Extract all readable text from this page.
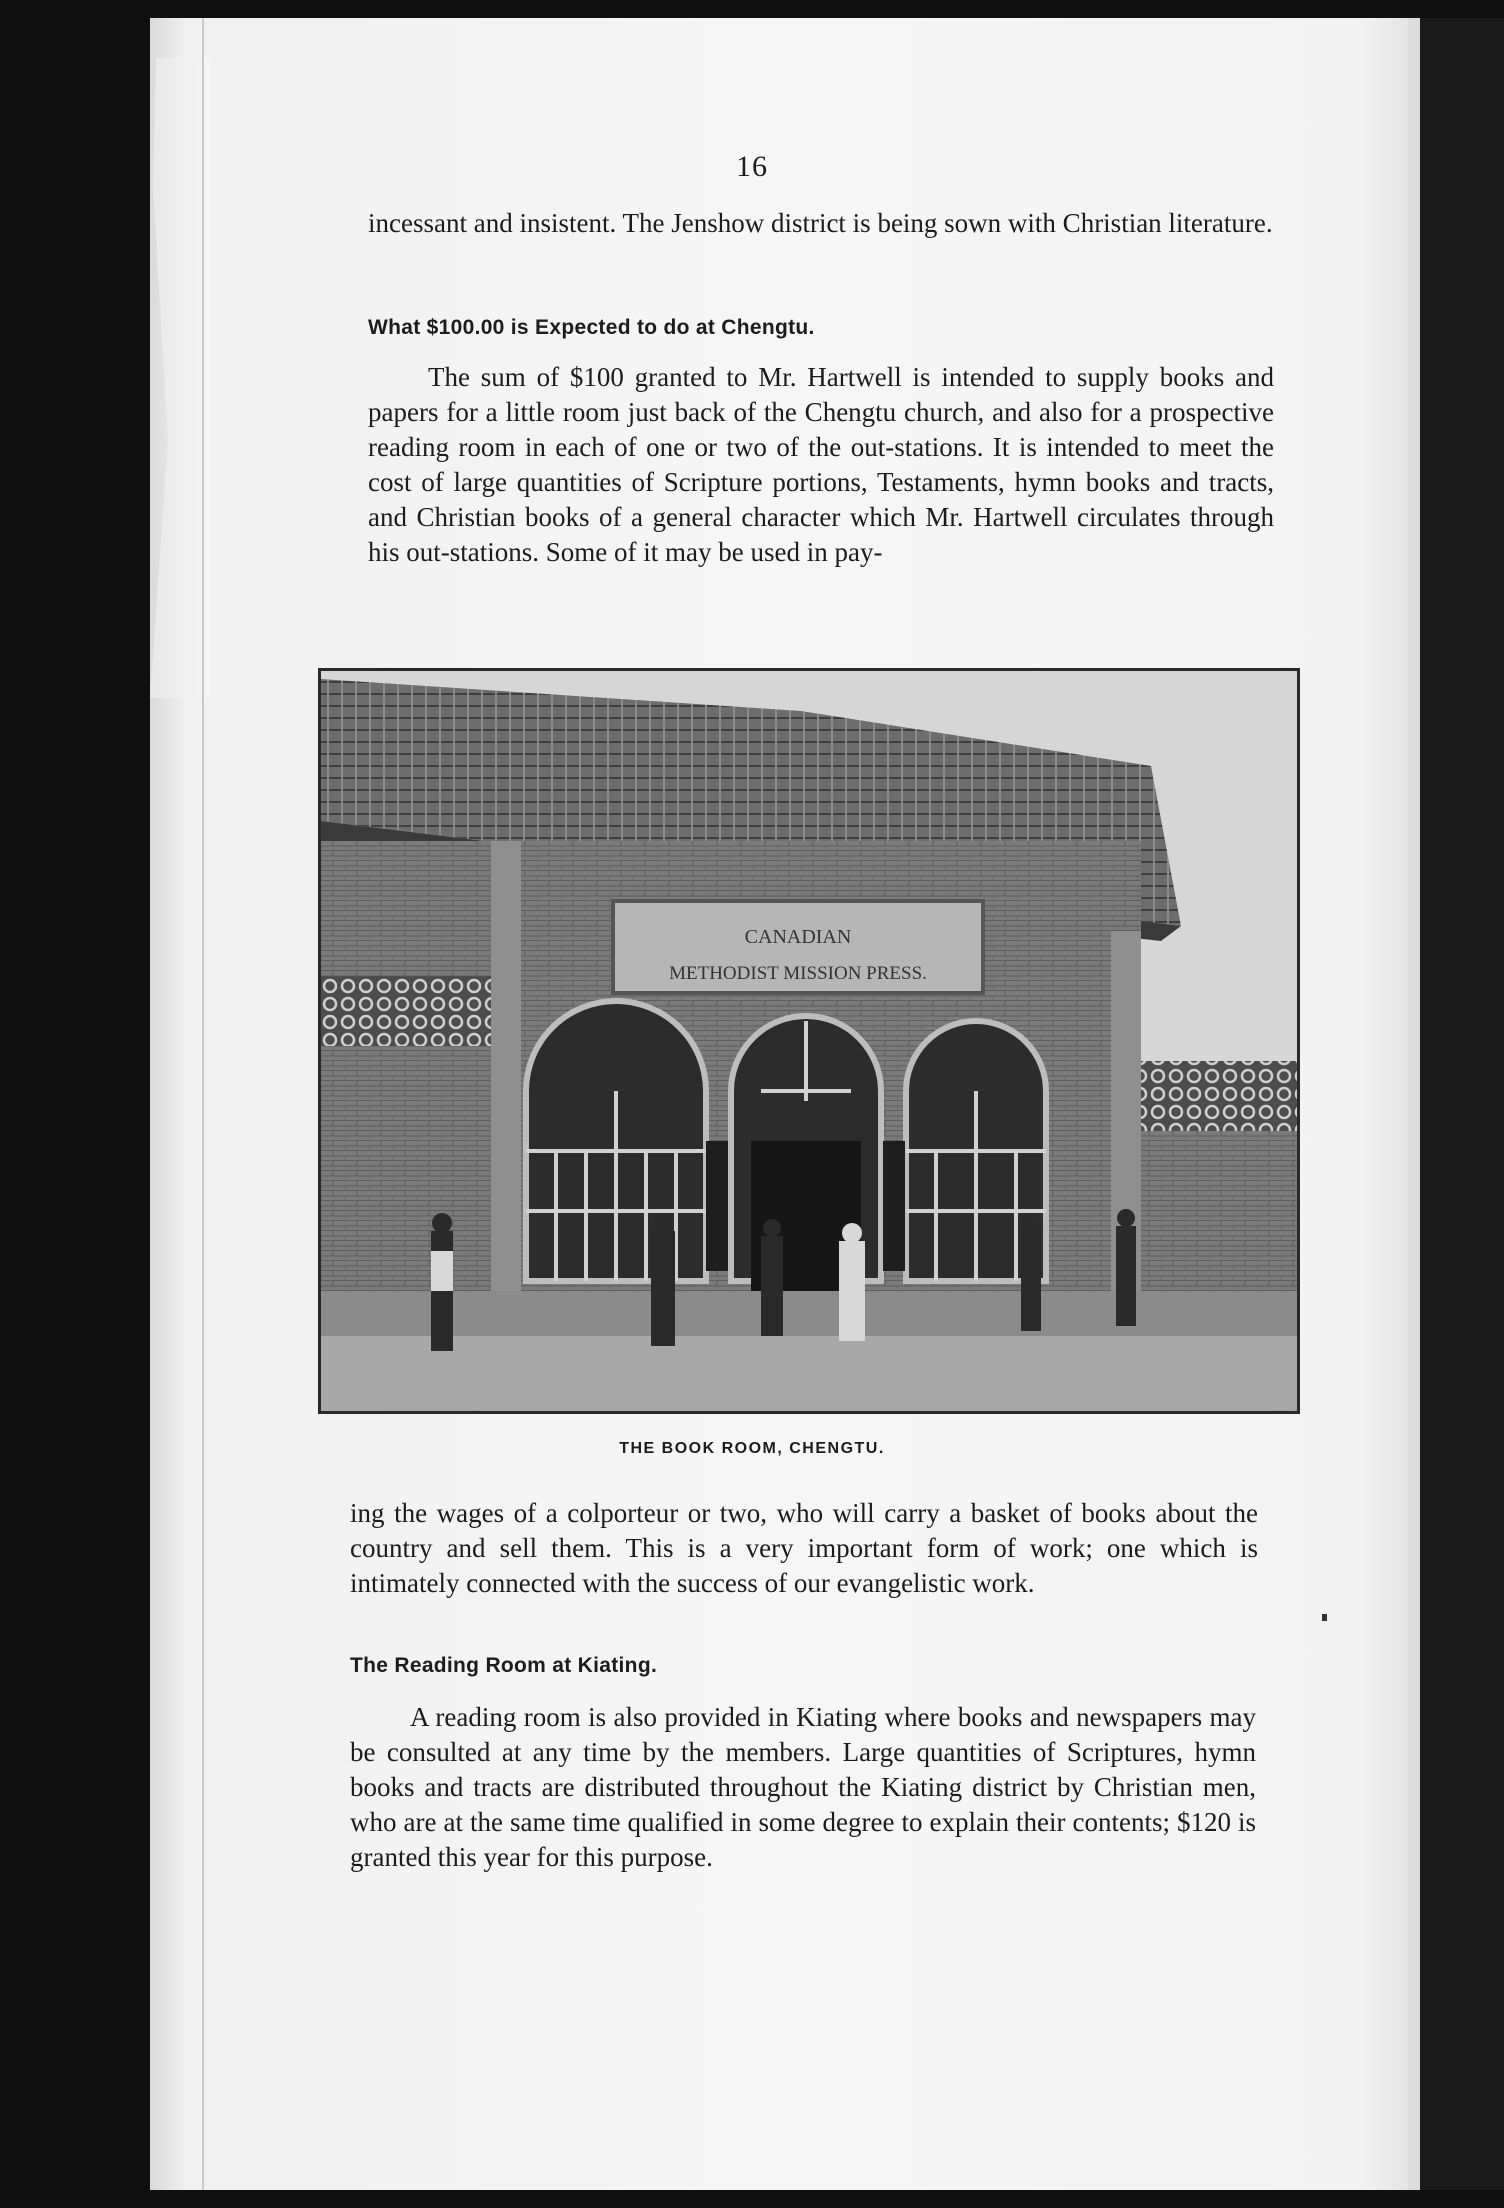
16

incessant and insistent. The Jenshow district is being sown with Christian literature.

What $100.00 is Expected to do at Chengtu.

The sum of $100 granted to Mr. Hartwell is intended to supply books and papers for a little room just back of the Chengtu church, and also for a prospective reading room in each of one or two of the out-stations. It is intended to meet the cost of large quantities of Scripture portions, Testaments, hymn books and tracts, and Christian books of a general character which Mr. Hartwell circulates through his out-stations. Some of it may be used in pay-

CANADIAN
METHODIST MISSION PRESS.
THE BOOK ROOM, CHENGTU.

ing the wages of a colporteur or two, who will carry a basket of books about the country and sell them. This is a very important form of work; one which is intimately connected with the success of our evangelistic work.

The Reading Room at Kiating.

A reading room is also provided in Kiating where books and newspapers may be consulted at any time by the members. Large quantities of Scriptures, hymn books and tracts are distributed throughout the Kiating district by Christian men, who are at the same time qualified in some degree to explain their contents; $120 is granted this year for this purpose.
